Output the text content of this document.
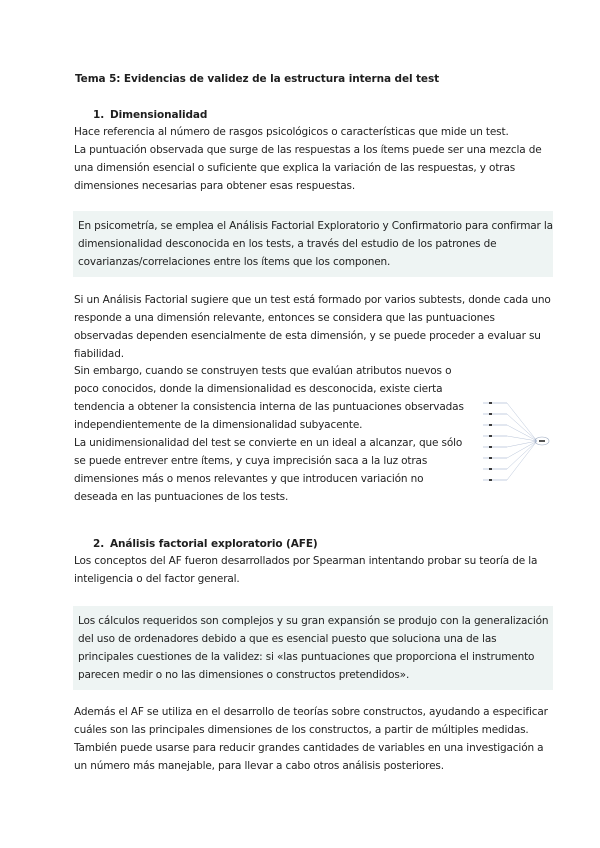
Tema 5: Evidencias de validez de la estructura interna del test
1. Dimensionalidad

Hace referencia al número de rasgos psicológicos o características que mide un test.
La puntuación observada que surge de las respuestas a los ítems puede ser una mezcla de una dimensión esencial o suficiente que explica la variación de las respuestas, y otras dimensiones necesarias para obtener esas respuestas.

En psicometría, se emplea el Análisis Factorial Exploratorio y Confirmatorio para confirmar la dimensionalidad desconocida en los tests, a través del estudio de los patrones de covarianzas/correlaciones entre los ítems que los componen.

Si un Análisis Factorial sugiere que un test está formado por varios subtests, donde cada uno responde a una dimensión relevante, entonces se considera que las puntuaciones observadas dependen esencialmente de esta dimensión, y se puede proceder a evaluar su fiabilidad.

Sin embargo, cuando se construyen tests que evalúan atributos nuevos o poco conocidos, donde la dimensionalidad es desconocida, existe cierta tendencia a obtener la consistencia interna de las puntuaciones observadas independientemente de la dimensionalidad subyacente.
La unidimensionalidad del test se convierte en un ideal a alcanzar, que sólo se puede entrever entre ítems, y cuya imprecisión saca a la luz otras dimensiones más o menos relevantes y que introducen variación no deseada en las puntuaciones de los tests.

2. Análisis factorial exploratorio (AFE)

Los conceptos del AF fueron desarrollados por Spearman intentando probar su teoría de la inteligencia o del factor general.

Los cálculos requeridos son complejos y su gran expansión se produjo con la generalización del uso de ordenadores debido a que es esencial puesto que soluciona una de las principales cuestiones de la validez: si «las puntuaciones que proporciona el instrumento parecen medir o no las dimensiones o constructos pretendidos».

Además el AF se utiliza en el desarrollo de teorías sobre constructos, ayudando a especificar cuáles son las principales dimensiones de los constructos, a partir de múltiples medidas. También puede usarse para reducir grandes cantidades de variables en una investigación a un número más manejable, para llevar a cabo otros análisis posteriores.
